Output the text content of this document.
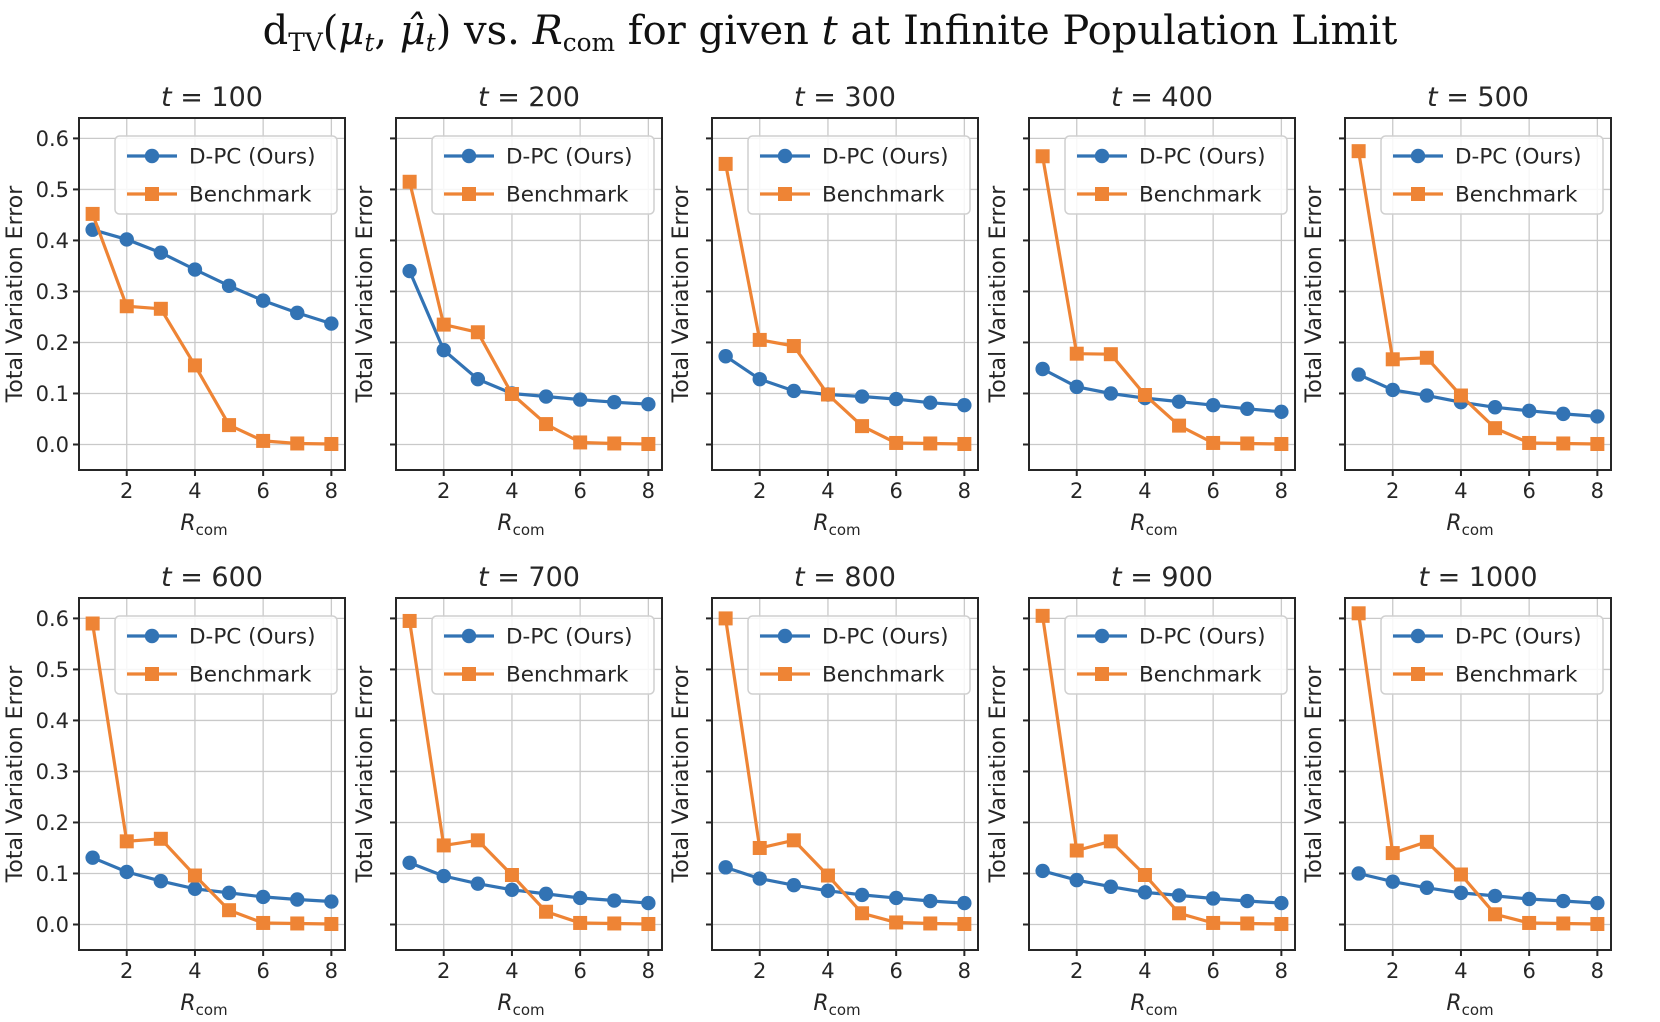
dTV(μt, μ̂t) vs. Rcom for given t at Infinite Population Limit
2	4	6	8
0.0
0.1
0.2
0.3
0.4
0.5
0.6
t = 100
Total Variation Error
$R_{com}$
D-PC (Ours)
Benchmark
2	4	6	8
t = 200
Total Variation Error
$R_{com}$
D-PC (Ours)
Benchmark
2	4	6	8
t = 300
Total Variation Error
$R_{com}$
D-PC (Ours)
Benchmark
2	4	6	8
t = 400
Total Variation Error
$R_{com}$
D-PC (Ours)
Benchmark
2	4	6	8
t = 500
Total Variation Error
$R_{com}$
D-PC (Ours)
Benchmark
2	4	6	8
0.0
0.1
0.2
0.3
0.4
0.5
0.6
t = 600
Total Variation Error
$R_{com}$
D-PC (Ours)
Benchmark
2	4	6	8
t = 700
Total Variation Error
$R_{com}$
D-PC (Ours)
Benchmark
2	4	6	8
t = 800
Total Variation Error
$R_{com}$
D-PC (Ours)
Benchmark
2	4	6	8
t = 900
Total Variation Error
$R_{com}$
D-PC (Ours)
Benchmark
2	4	6	8
t = 1000
Total Variation Error
$R_{com}$
D-PC (Ours)
Benchmark
